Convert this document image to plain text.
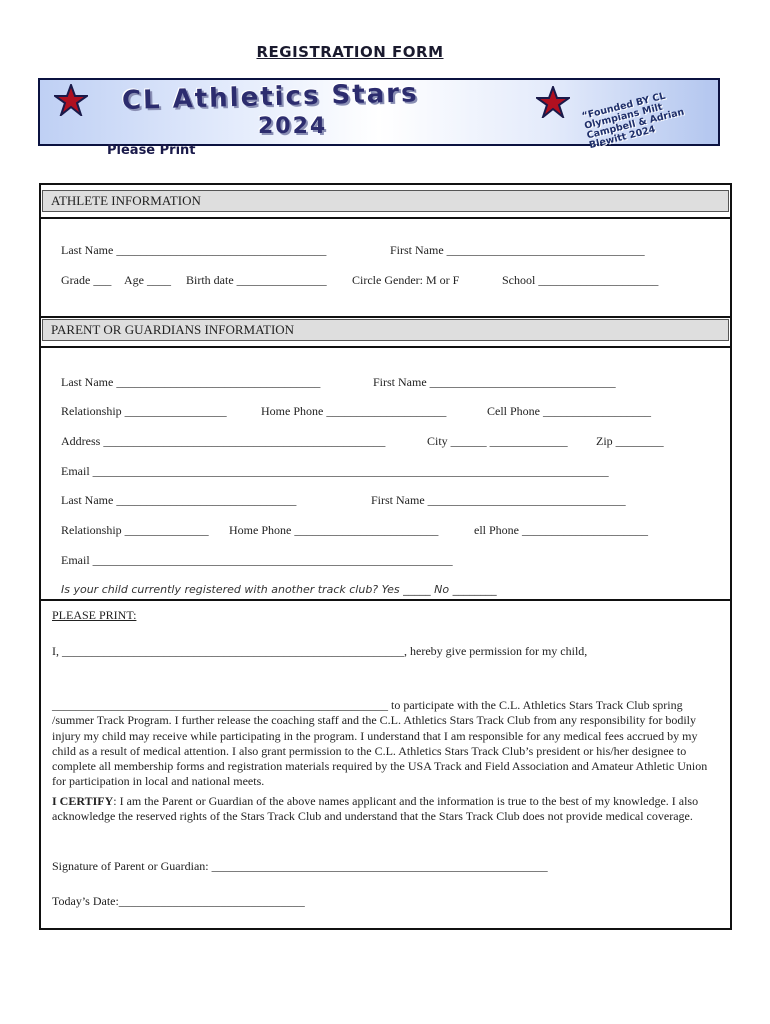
REGISTRATION FORM
CL Athletics Stars
2024
“Founded BY CL Olympians Milt Campbell & Adrian Blewitt 2024
Please Print
ATHLETE INFORMATION
Last Name ___________________________________	First Name _________________________________
Grade ___ Age ____ Birth date _______________ Circle Gender: M or F	School ____________________
PARENT OR GUARDIANS INFORMATION
Last Name __________________________________	First Name _______________________________
Relationship _________________	Home Phone ____________________	Cell Phone __________________
Address _______________________________________________	City ______ _____________ Zip ________
Email ______________________________________________________________________________________
Last Name ______________________________	First Name _________________________________
Relationship ______________ Home Phone ________________________	ell Phone _____________________
Email ____________________________________________________________
Is your child currently registered with another track club? Yes _____ No ________
PLEASE PRINT:
I, _________________________________________________________, hereby give permission for my child,
________________________________________________________ to participate with the C.L. Athletics Stars Track Club spring /summer Track Program. I further release the coaching staff and the C.L. Athletics Stars Track Club from any responsibility for bodily injury my child may receive while participating in the program. I understand that I am responsible for any medical fees accrued by my child as a result of medical attention. I also grant permission to the C.L. Athletics Stars Track Club’s president or his/her designee to complete all membership forms and registration materials required by the USA Track and Field Association and Amateur Athletic Union for participation in local and national meets.
I CERTIFY: I am the Parent or Guardian of the above names applicant and the information is true to the best of my knowledge. I also acknowledge the reserved rights of the Stars Track Club and understand that the Stars Track Club does not provide medical coverage.
Signature of Parent or Guardian: ________________________________________________________
Today’s Date:_______________________________
